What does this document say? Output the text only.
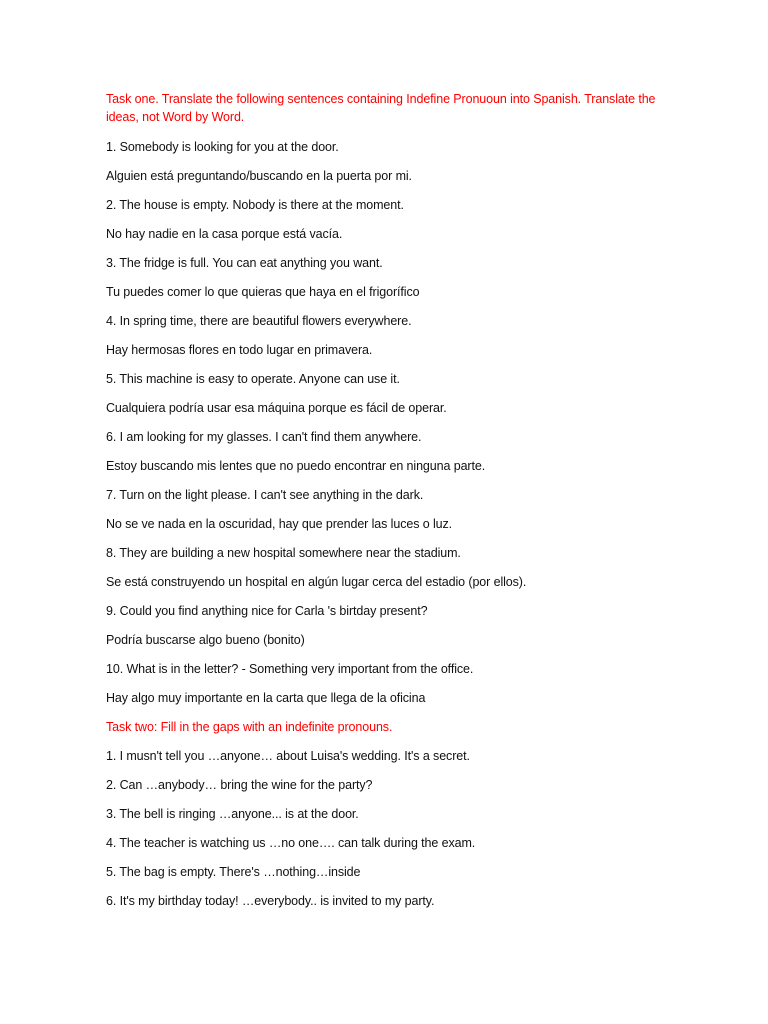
Task one. Translate the following sentences containing Indefine Pronuoun into Spanish. Translate the ideas, not Word by Word.
1. Somebody is looking for you at the door.
Alguien está preguntando/buscando en la puerta por mi.
2. The house is empty. Nobody is there at the moment.
No hay nadie en la casa porque está vacía.
3. The fridge is full. You can eat anything you want.
Tu puedes comer lo que quieras que haya en el frigorífico
4. In spring time, there are beautiful flowers everywhere.
Hay hermosas flores en todo lugar en primavera.
5. This machine is easy to operate. Anyone can use it.
Cualquiera podría usar esa máquina porque es fácil de operar.
6. I am looking for my glasses. I can't find them anywhere.
Estoy buscando mis lentes que no puedo encontrar en ninguna parte.
7. Turn on the light please. I can't see anything in the dark.
No se ve nada en la oscuridad, hay que prender las luces o luz.
8. They are building a new hospital somewhere near the stadium.
Se está construyendo un hospital en algún lugar cerca del estadio (por ellos).
9. Could you find anything nice for Carla 's birtday present?
Podría buscarse algo bueno (bonito)
10. What is in the letter? - Something very important from the office.
Hay algo muy importante en la carta que llega de la oficina
Task two: Fill in the gaps with an indefinite pronouns.
1. I musn't tell you …anyone… about Luisa's wedding. It's a secret.
2. Can …anybody… bring the wine for the party?
3. The bell is ringing …anyone... is at the door.
4. The teacher is watching us …no one…. can talk during the exam.
5. The bag is empty. There's …nothing…inside
6. It's my birthday today! …everybody.. is invited to my party.
